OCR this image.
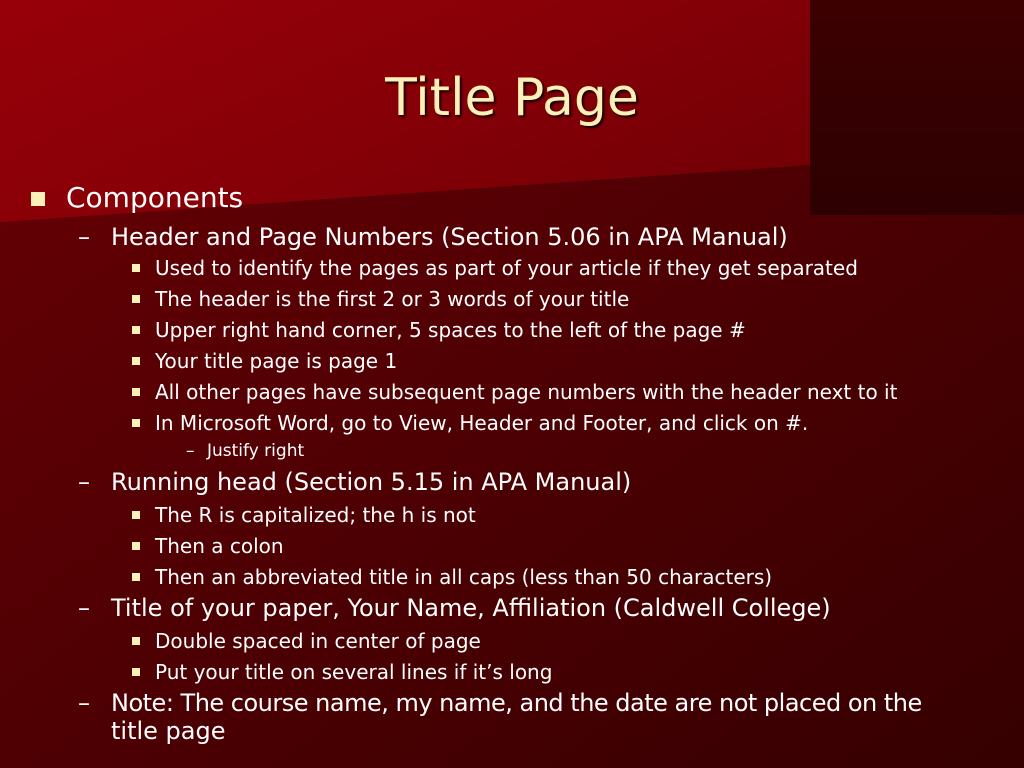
Title Page
Components
– Header and Page Numbers (Section 5.06 in APA Manual)
Used to identify the pages as part of your article if they get separated
The header is the first 2 or 3 words of your title
Upper right hand corner, 5 spaces to the left of the page #
Your title page is page 1
All other pages have subsequent page numbers with the header next to it
In Microsoft Word, go to View, Header and Footer, and click on #.
– Justify right
– Running head (Section 5.15 in APA Manual)
The R is capitalized; the h is not
Then a colon
Then an abbreviated title in all caps (less than 50 characters)
– Title of your paper, Your Name, Affiliation (Caldwell College)
Double spaced in center of page
Put your title on several lines if it’s long
– Note: The course name, my name, and the date are not placed on the
title page
